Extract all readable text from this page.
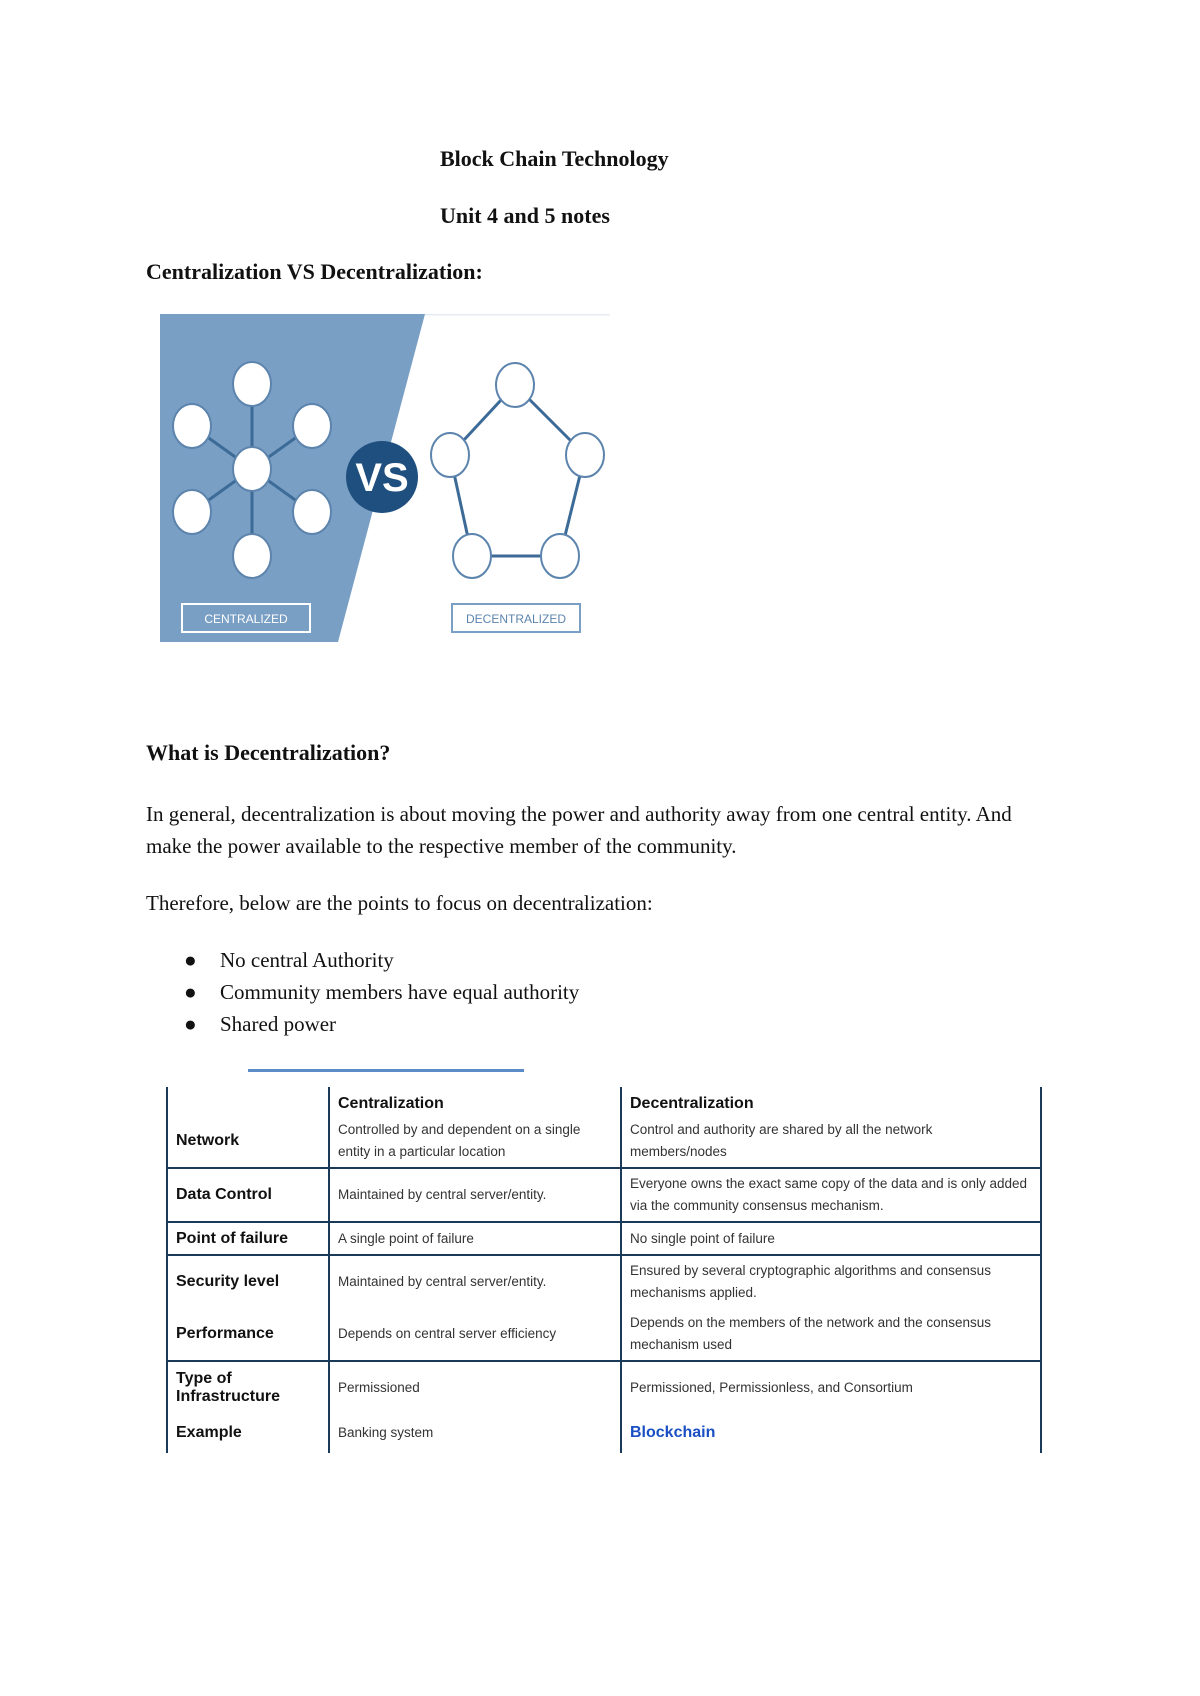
Block Chain Technology
Unit 4 and 5 notes
Centralization VS Decentralization:
CENTRALIZED
VS
DECENTRALIZED
What is Decentralization?
In general, decentralization is about moving the power and authority away from one central entity. And make the power available to the respective member of the community.
Therefore, below are the points to focus on decentralization:
● No central Authority
● Community members have equal authority
● Shared power
	Centralization	Decentralization
Network	Controlled by and dependent on a single entity in a particular location	Control and authority are shared by all the network members/nodes
Data Control	Maintained by central server/entity.	Everyone owns the exact same copy of the data and is only added via the community consensus mechanism.
Point of failure	A single point of failure	No single point of failure
Security level	Maintained by central server/entity.	Ensured by several cryptographic algorithms and consensus mechanisms applied.
Performance	Depends on central server efficiency	Depends on the members of the network and the consensus mechanism used
Type of Infrastructure	Permissioned	Permissioned, Permissionless, and Consortium
Example	Banking system	Blockchain
